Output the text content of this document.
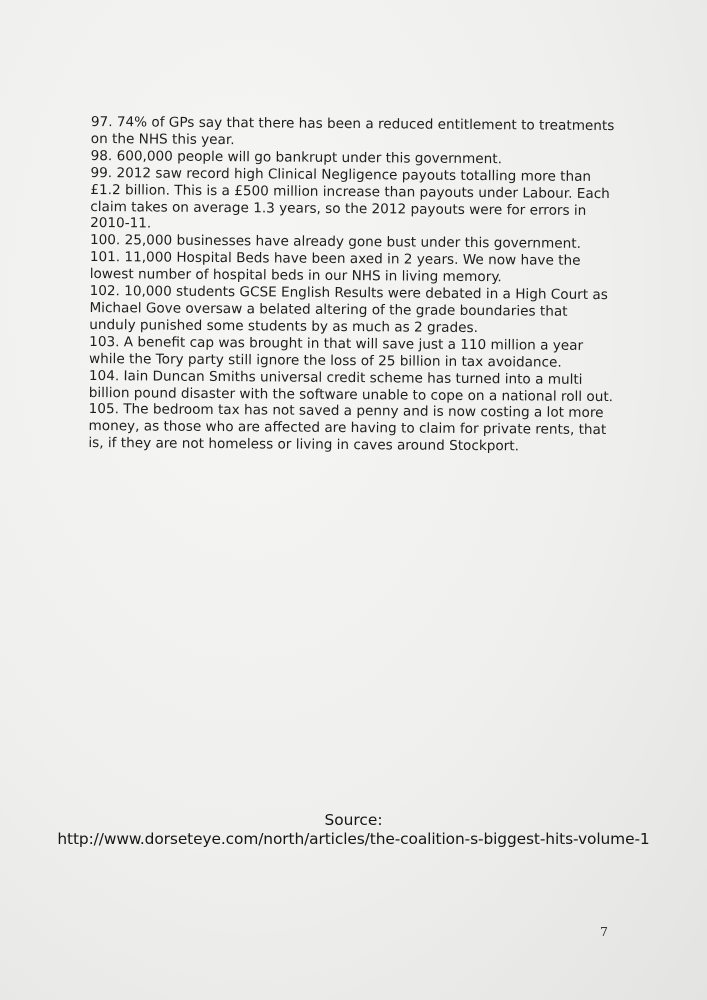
97. 74% of GPs say that there has been a reduced entitlement to treatments on the NHS this year.

98. 600,000 people will go bankrupt under this government.

99. 2012 saw record high Clinical Negligence payouts totalling more than £1.2 billion. This is a £500 million increase than payouts under Labour. Each claim takes on average 1.3 years, so the 2012 payouts were for errors in 2010-11.

100. 25,000 businesses have already gone bust under this government.

101. 11,000 Hospital Beds have been axed in 2 years. We now have the lowest number of hospital beds in our NHS in living memory.

102. 10,000 students GCSE English Results were debated in a High Court as Michael Gove oversaw a belated altering of the grade boundaries that unduly punished some students by as much as 2 grades.

103. A benefit cap was brought in that will save just a 110 million a year while the Tory party still ignore the loss of 25 billion in tax avoidance.

104. Iain Duncan Smiths universal credit scheme has turned into a multi billion pound disaster with the software unable to cope on a national roll out.

105. The bedroom tax has not saved a penny and is now costing a lot more money, as those who are affected are having to claim for private rents, that is, if they are not homeless or living in caves around Stockport.

Source:
http://www.dorseteye.com/north/articles/the-coalition-s-biggest-hits-volume-1
7
